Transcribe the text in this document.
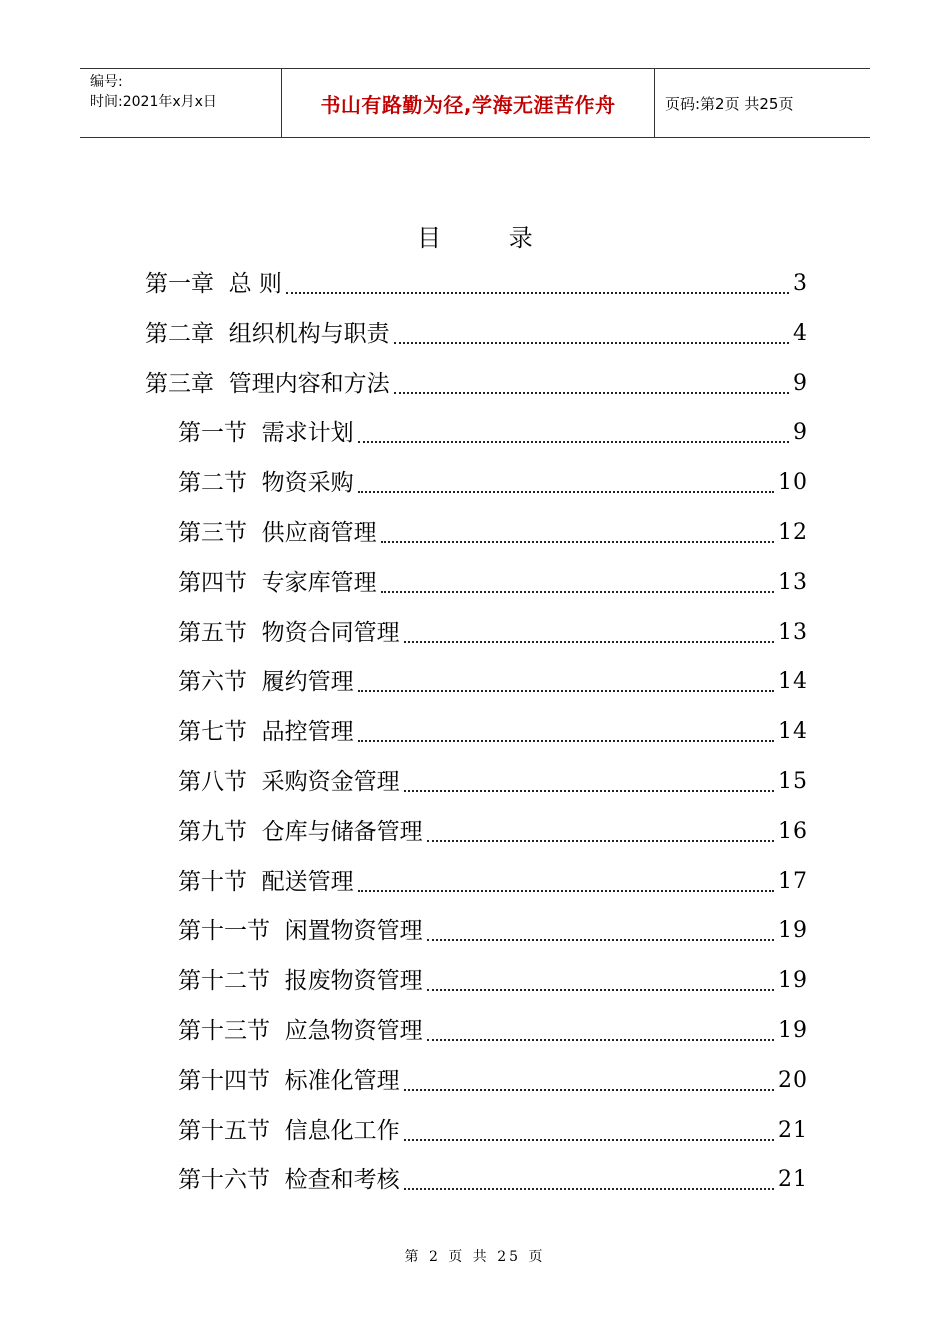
编号:
时间:2021年x月x日	书山有路勤为径,学海无涯苦作舟	页码:第2页 共25页
目 录
第一章  总 则	3
第二章  组织机构与职责	4
第三章  管理内容和方法	9
第一节  需求计划	9
第二节  物资采购	10
第三节  供应商管理	12
第四节  专家库管理	13
第五节  物资合同管理	13
第六节  履约管理	14
第七节  品控管理	14
第八节  采购资金管理	15
第九节  仓库与储备管理	16
第十节  配送管理	17
第十一节  闲置物资管理	19
第十二节  报废物资管理	19
第十三节  应急物资管理	19
第十四节  标准化管理	20
第十五节  信息化工作	21
第十六节  检查和考核	21
第 2 页 共 25 页
